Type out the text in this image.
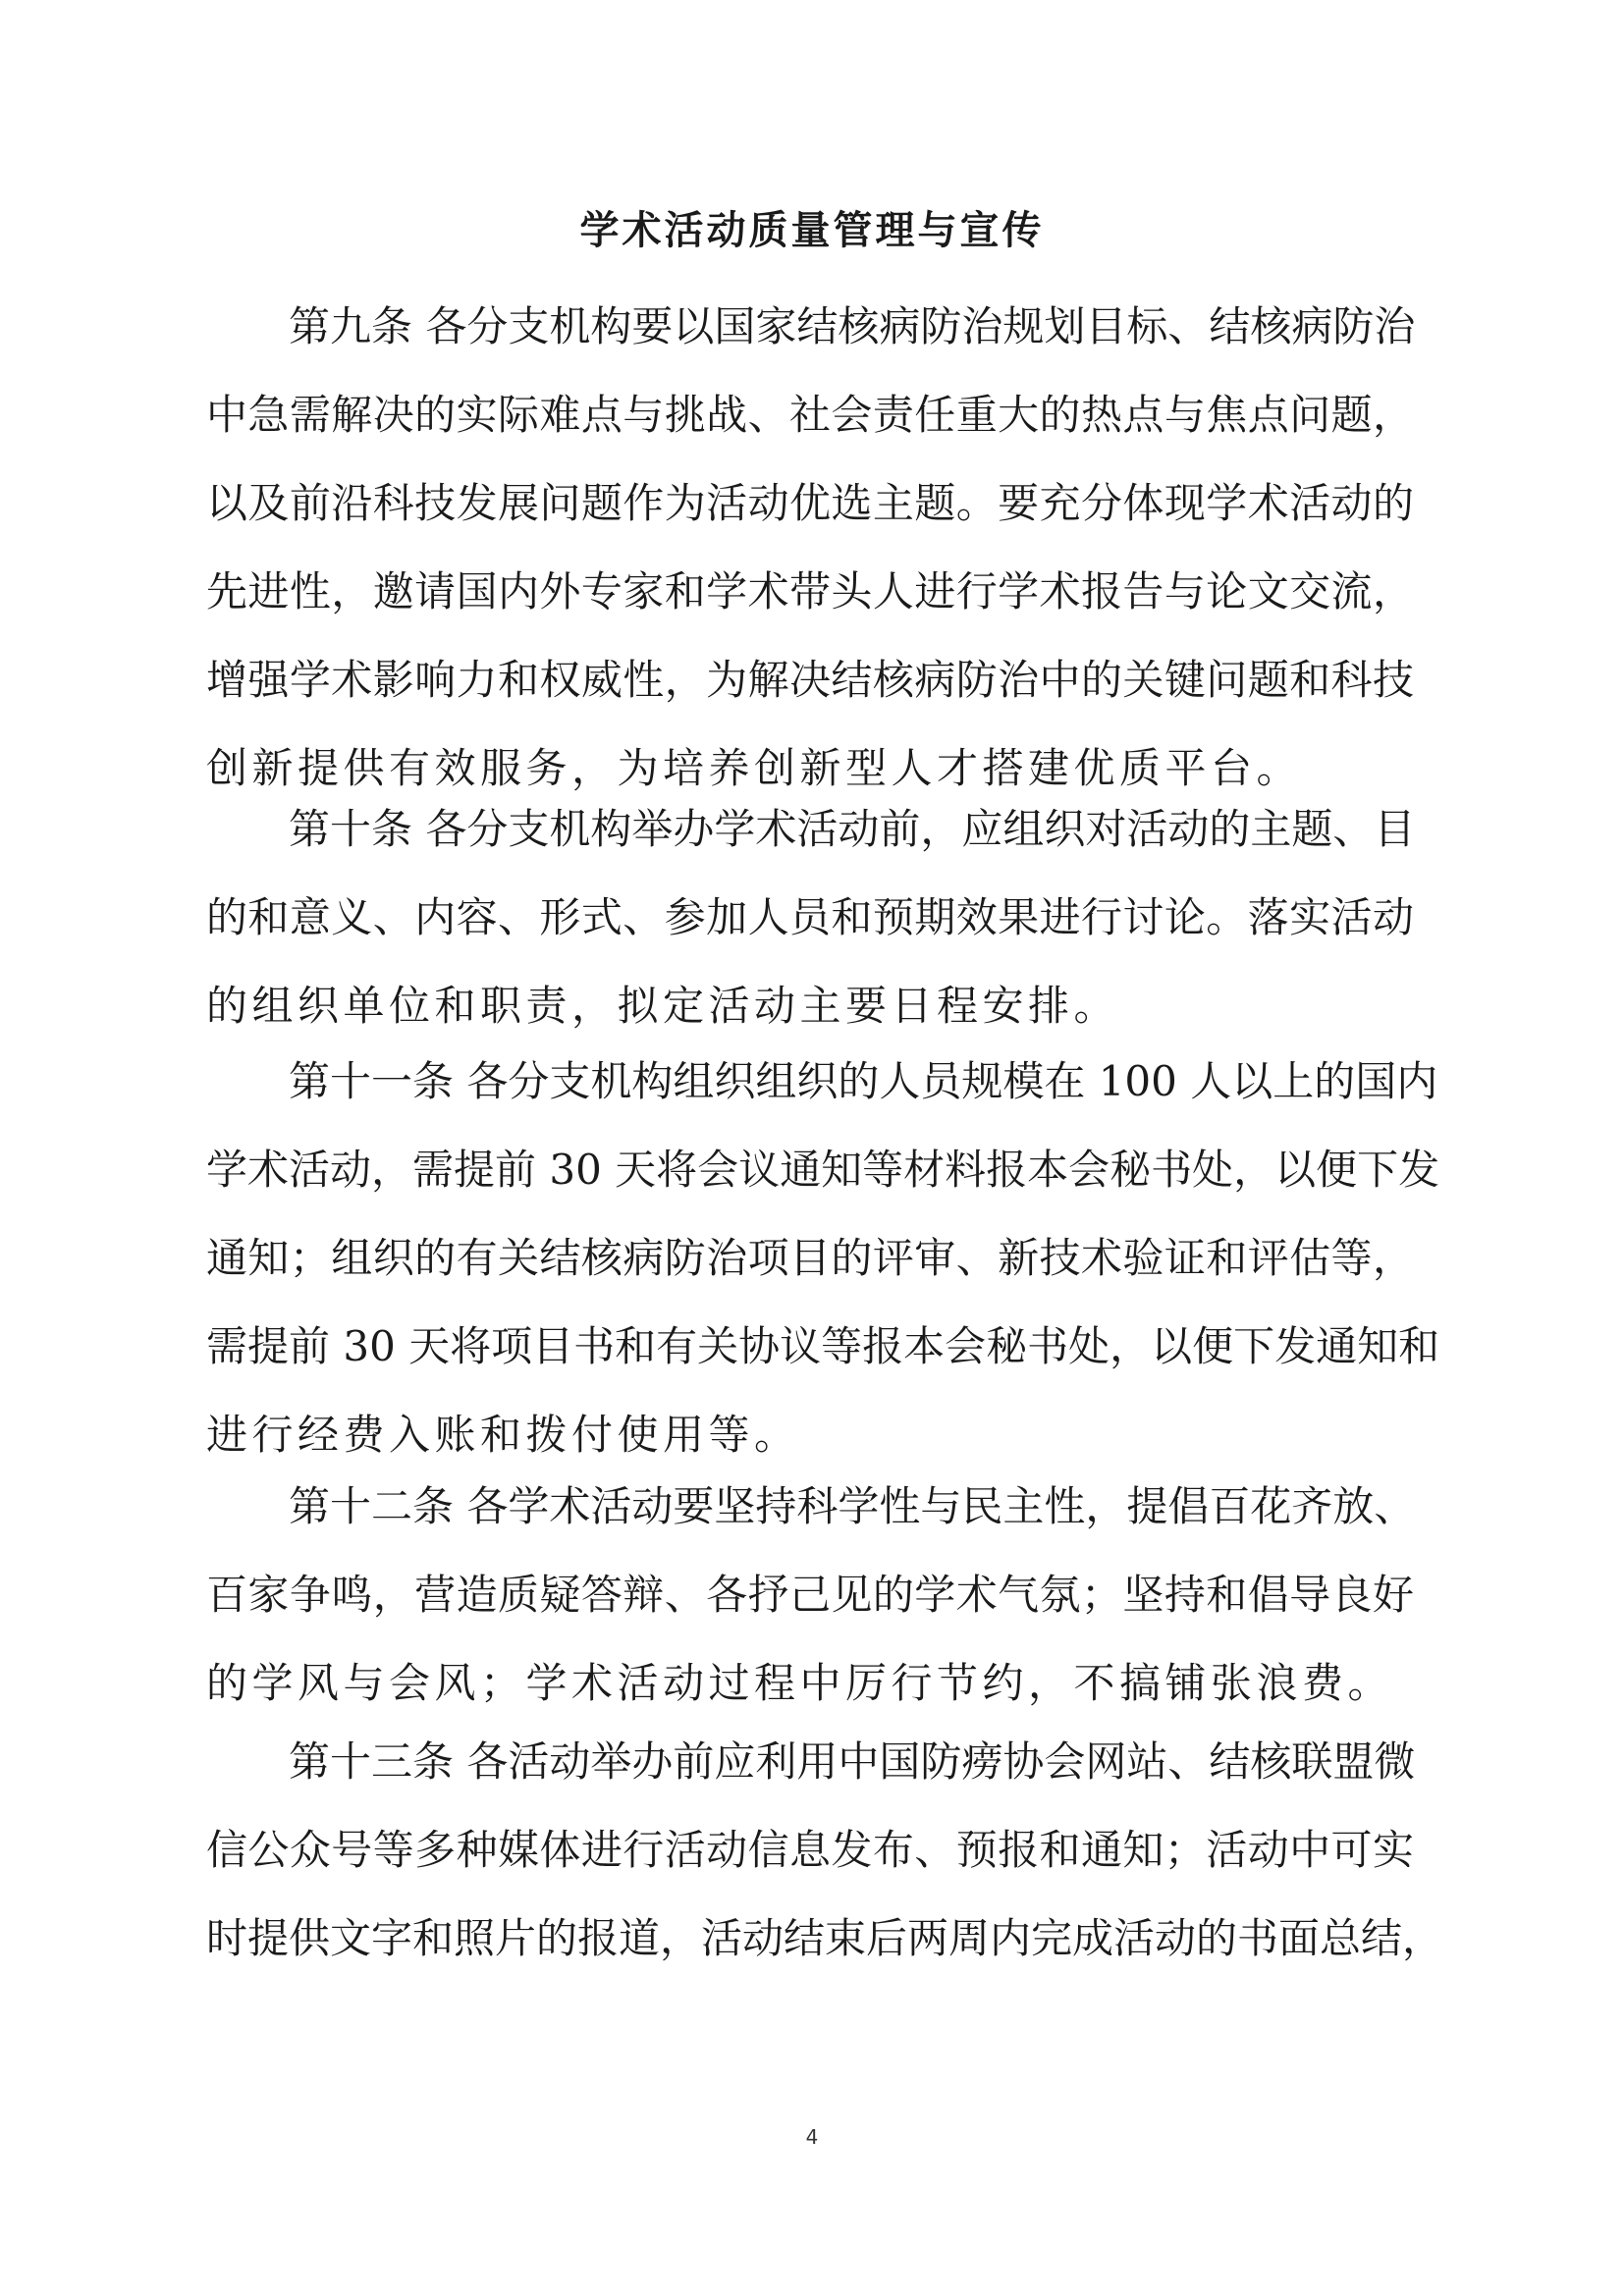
学术活动质量管理与宣传
第九条 各分支机构要以国家结核病防治规划目标、结核病防治
中急需解决的实际难点与挑战、社会责任重大的热点与焦点问题，
以及前沿科技发展问题作为活动优选主题。要充分体现学术活动的
先进性，邀请国内外专家和学术带头人进行学术报告与论文交流，
增强学术影响力和权威性，为解决结核病防治中的关键问题和科技
创新提供有效服务，为培养创新型人才搭建优质平台。
第十条 各分支机构举办学术活动前，应组织对活动的主题、目
的和意义、内容、形式、参加人员和预期效果进行讨论。落实活动
的组织单位和职责，拟定活动主要日程安排。
第十一条 各分支机构组织组织的人员规模在 100 人以上的国内
学术活动，需提前 30 天将会议通知等材料报本会秘书处，以便下发
通知；组织的有关结核病防治项目的评审、新技术验证和评估等，
需提前 30 天将项目书和有关协议等报本会秘书处，以便下发通知和
进行经费入账和拨付使用等。
第十二条 各学术活动要坚持科学性与民主性，提倡百花齐放、
百家争鸣，营造质疑答辩、各抒己见的学术气氛；坚持和倡导良好
的学风与会风；学术活动过程中厉行节约，不搞铺张浪费。
第十三条 各活动举办前应利用中国防痨协会网站、结核联盟微
信公众号等多种媒体进行活动信息发布、预报和通知；活动中可实
时提供文字和照片的报道，活动结束后两周内完成活动的书面总结，
4
